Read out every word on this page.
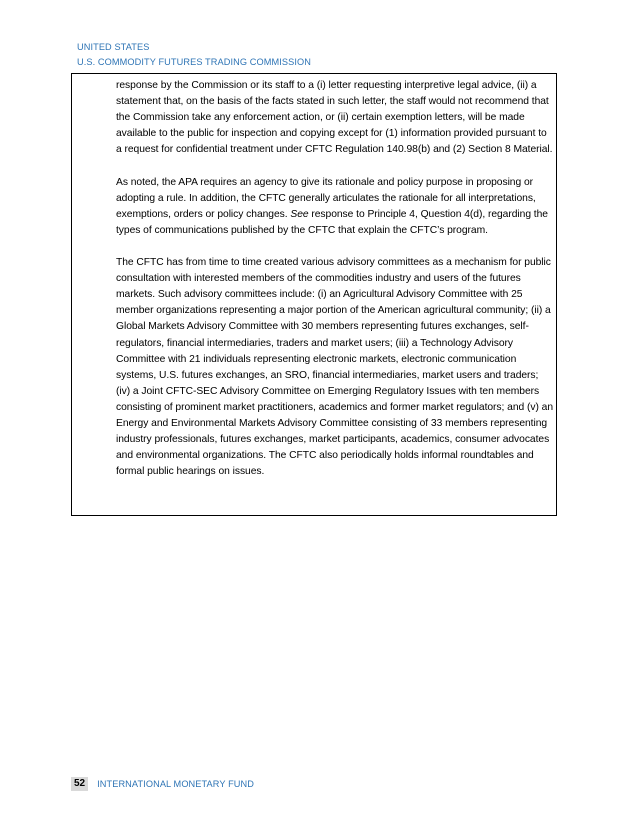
UNITED STATES
U.S. COMMODITY FUTURES TRADING COMMISSION

response by the Commission or its staff to a (i) letter requesting interpretive legal advice, (ii) a statement that, on the basis of the facts stated in such letter, the staff would not recommend that the Commission take any enforcement action, or (ii) certain exemption letters, will be made available to the public for inspection and copying except for (1) information provided pursuant to a request for confidential treatment under CFTC Regulation 140.98(b) and (2) Section 8 Material.

As noted, the APA requires an agency to give its rationale and policy purpose in proposing or adopting a rule. In addition, the CFTC generally articulates the rationale for all interpretations, exemptions, orders or policy changes. See response to Principle 4, Question 4(d), regarding the types of communications published by the CFTC that explain the CFTC’s program.

The CFTC has from time to time created various advisory committees as a mechanism for public consultation with interested members of the commodities industry and users of the futures markets. Such advisory committees include: (i) an Agricultural Advisory Committee with 25 member organizations representing a major portion of the American agricultural community; (ii) a Global Markets Advisory Committee with 30 members representing futures exchanges, self-regulators, financial intermediaries, traders and market users; (iii) a Technology Advisory Committee with 21 individuals representing electronic markets, electronic communication systems, U.S. futures exchanges, an SRO, financial intermediaries, market users and traders; (iv) a Joint CFTC-SEC Advisory Committee on Emerging Regulatory Issues with ten members consisting of prominent market practitioners, academics and former market regulators; and (v) an Energy and Environmental Markets Advisory Committee consisting of 33 members representing industry professionals, futures exchanges, market participants, academics, consumer advocates and environmental organizations. The CFTC also periodically holds informal roundtables and formal public hearings on issues.

52	INTERNATIONAL MONETARY FUND
